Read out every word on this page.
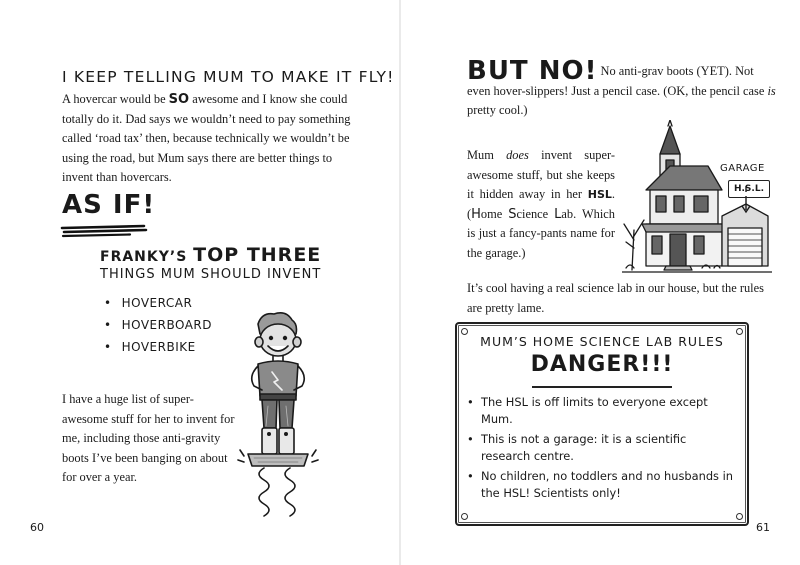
I KEEP TELLING MUM TO MAKE IT FLY!
A hovercar would be SO awesome and I know she could totally do it. Dad says we wouldn’t need to pay something called ‘road tax’ then, because technically we wouldn’t be using the road, but Mum says there are better things to invent than hovercars.
AS IF!
FRANKY’S TOP THREE
THINGS MUM SHOULD INVENT
• HOVERCAR
• HOVERBOARD
• HOVERBIKE
I have a huge list of super-awesome stuff for her to invent for me, including those anti-gravity boots I’ve been banging on about for over a year.
60
BUT NO! No anti-grav boots (YET). Not even hover-slippers! Just a pencil case. (OK, the pencil case is pretty cool.)
Mum does invent super-awesome stuff, but she keeps it hidden away in her HSL. (Home Science Lab. Which is just a fancy-pants name for the garage.)
GARAGE
H.S.L.
It’s cool having a real science lab in our house, but the rules are pretty lame.
MUM’S HOME SCIENCE LAB RULES
DANGER!!!
• The HSL is off limits to everyone except Mum.
• This is not a garage: it is a scientific research centre.
• No children, no toddlers and no husbands in the HSL! Scientists only!
61
